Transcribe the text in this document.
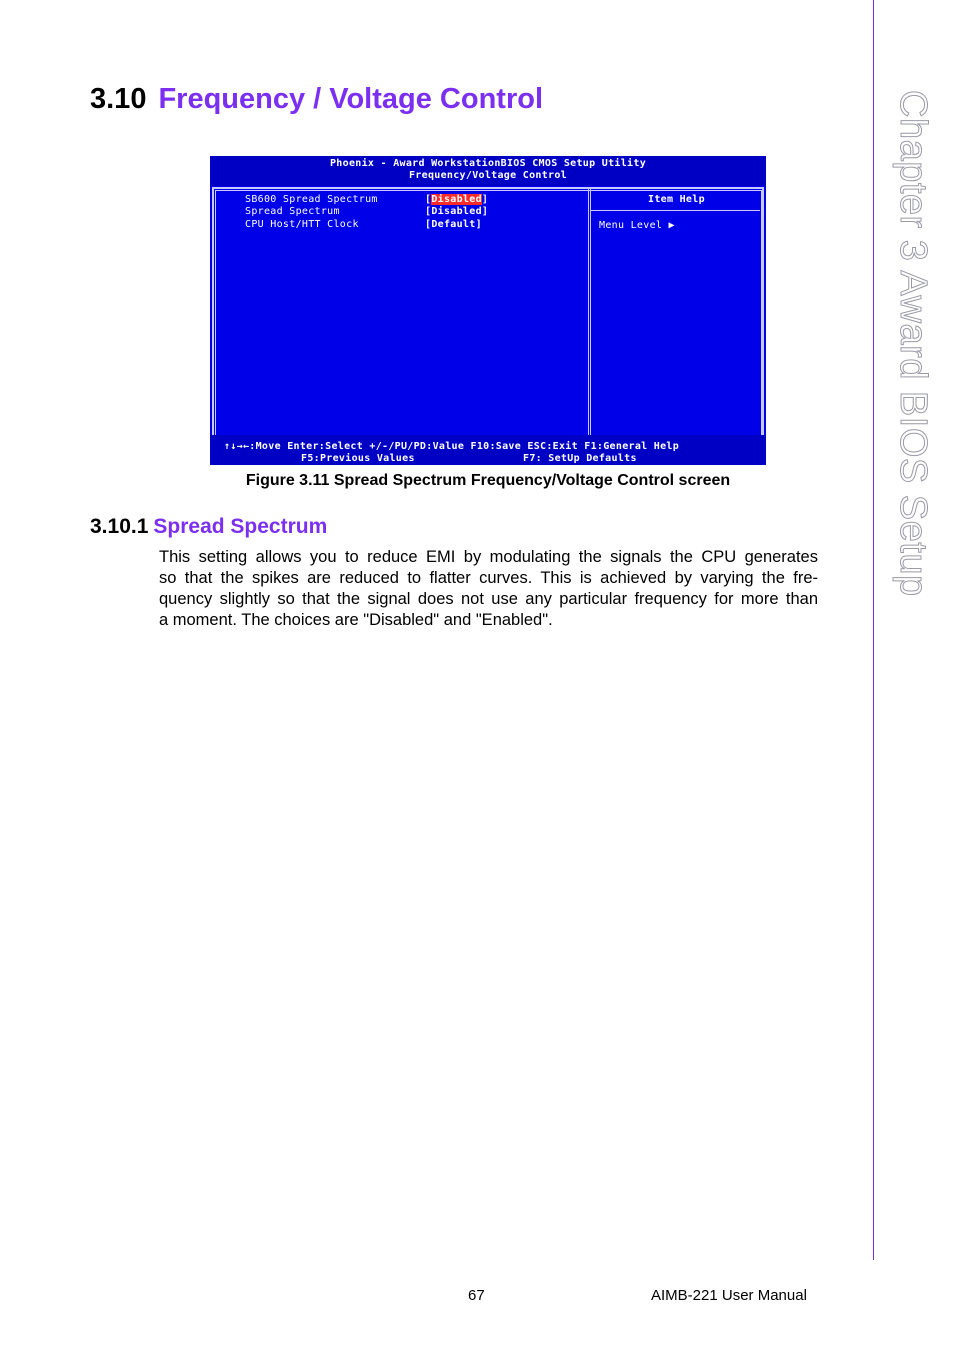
Chapter 3 Award BIOS Setup
3.10 Frequency / Voltage Control
Phoenix - Award WorkstationBIOS CMOS Setup Utility
Frequency/Voltage Control
SB600 Spread Spectrum	[Disabled]
Spread Spectrum	[Disabled]
CPU Host/HTT Clock	[Default]
Item Help
Menu Level ▶
↑↓→←:Move Enter:Select +/-/PU/PD:Value F10:Save ESC:Exit F1:General Help
F5:Previous Values	F7: SetUp Defaults
Figure 3.11 Spread Spectrum Frequency/Voltage Control screen
3.10.1 Spread Spectrum
This setting allows you to reduce EMI by modulating the signals the CPU generates
so that the spikes are reduced to flatter curves. This is achieved by varying the fre-
quency slightly so that the signal does not use any particular frequency for more than
a moment. The choices are "Disabled" and "Enabled".
67	AIMB-221 User Manual
